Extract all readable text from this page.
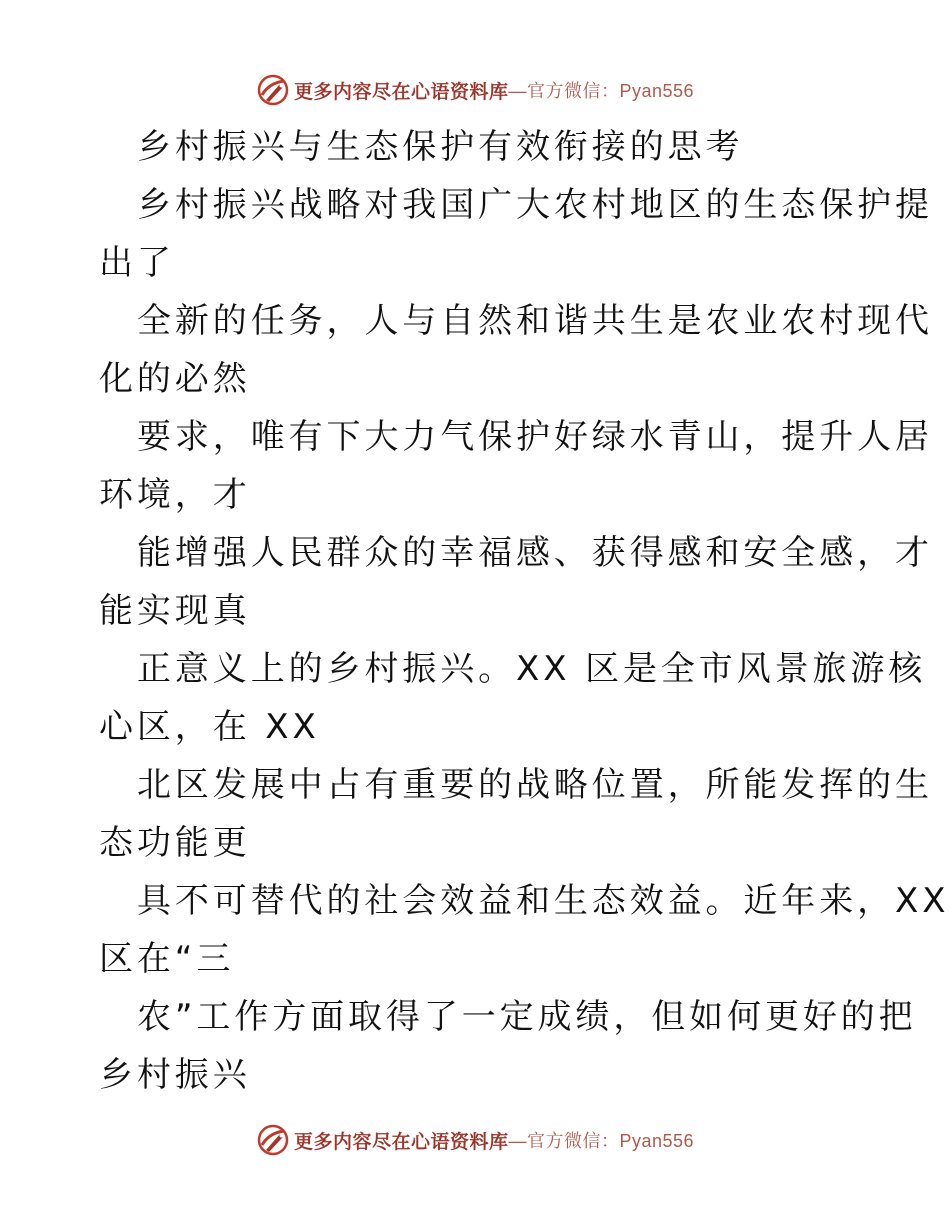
更多内容尽在心语资料库 —官方微信：Pyan556
乡村振兴与生态保护有效衔接的思考
乡村振兴战略对我国广大农村地区的生态保护提
出了
全新的任务，人与自然和谐共生是农业农村现代
化的必然
要求，唯有下大力气保护好绿水青山，提升人居
环境，才
能增强人民群众的幸福感、获得感和安全感，才
能实现真
正意义上的乡村振兴。XX 区是全市风景旅游核
心区，在 XX
北区发展中占有重要的战略位置，所能发挥的生
态功能更
具不可替代的社会效益和生态效益。近年来，XX
区在“三
农”工作方面取得了一定成绩，但如何更好的把
乡村振兴
更多内容尽在心语资料库 —官方微信：Pyan556
